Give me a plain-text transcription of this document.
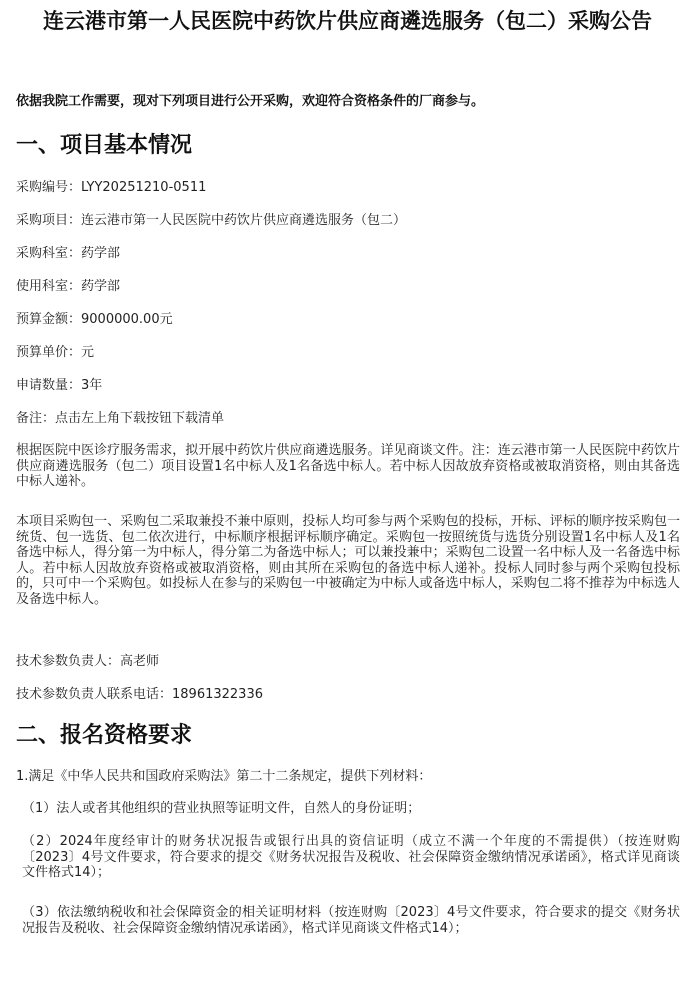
连云港市第一人民医院中药饮片供应商遴选服务（包二）采购公告

依据我院工作需要，现对下列项目进行公开采购，欢迎符合资格条件的厂商参与。

一、项目基本情况

采购编号：LYY20251210-0511

采购项目：连云港市第一人民医院中药饮片供应商遴选服务（包二）

采购科室：药学部

使用科室：药学部

预算金额：9000000.00元

预算单价：元

申请数量：3年

备注：点击左上角下载按钮下载清单

根据医院中医诊疗服务需求，拟开展中药饮片供应商遴选服务。详见商谈文件。注：连云港市第一人民医院中药饮片供应商遴选服务（包二）项目设置1名中标人及1名备选中标人。若中标人因故放弃资格或被取消资格，则由其备选中标人递补。

本项目采购包一、采购包二采取兼投不兼中原则，投标人均可参与两个采购包的投标，开标、评标的顺序按采购包一统货、包一选货、包二依次进行，中标顺序根据评标顺序确定。采购包一按照统货与选货分别设置1名中标人及1名备选中标人，得分第一为中标人，得分第二为备选中标人；可以兼投兼中；采购包二设置一名中标人及一名备选中标人。若中标人因故放弃资格或被取消资格，则由其所在采购包的备选中标人递补。投标人同时参与两个采购包投标的，只可中一个采购包。如投标人在参与的采购包一中被确定为中标人或备选中标人，采购包二将不推荐为中标选人及备选中标人。

技术参数负责人：高老师

技术参数负责人联系电话：18961322336

二、报名资格要求

1.满足《中华人民共和国政府采购法》第二十二条规定，提供下列材料：

（1）法人或者其他组织的营业执照等证明文件，自然人的身份证明；

（2）2024年度经审计的财务状况报告或银行出具的资信证明（成立不满一个年度的不需提供）（按连财购〔2023〕4号文件要求，符合要求的提交《财务状况报告及税收、社会保障资金缴纳情况承诺函》，格式详见商谈文件格式14）；

（3）依法缴纳税收和社会保障资金的相关证明材料（按连财购〔2023〕4号文件要求，符合要求的提交《财务状况报告及税收、社会保障资金缴纳情况承诺函》，格式详见商谈文件格式14）；
